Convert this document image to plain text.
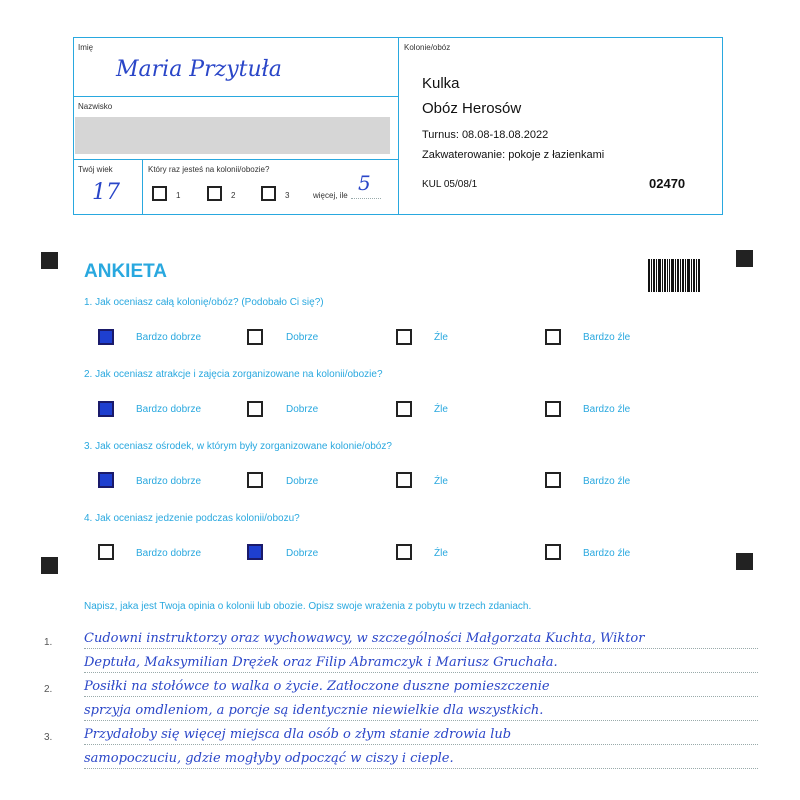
Imię
Maria Przytuła
Nazwisko
Twój wiek
17
Który raz jesteś na kolonii/obozie?
1	2	3	więcej, ile
5
Kolonie/obóz
Kulka
Obóz Herosów
Turnus: 08.08-18.08.2022
Zakwaterowanie: pokoje z łazienkami
KUL 05/08/1	02470
ANKIETA
1. Jak oceniasz całą kolonię/obóz? (Podobało Ci się?)
Bardzo dobrze	Dobrze	Źle	Bardzo źle
2. Jak oceniasz atrakcje i zajęcia zorganizowane na kolonii/obozie?
Bardzo dobrze	Dobrze	Źle	Bardzo źle
3. Jak oceniasz ośrodek, w którym były zorganizowane kolonie/obóz?
Bardzo dobrze	Dobrze	Źle	Bardzo źle
4. Jak oceniasz jedzenie podczas kolonii/obozu?
Bardzo dobrze	Dobrze	Źle	Bardzo źle
Napisz, jaka jest Twoja opinia o kolonii lub obozie. Opisz swoje wrażenia z pobytu w trzech zdaniach.
1.
2.
3.
Cudowni instruktorzy oraz wychowawcy, w szczególności Małgorzata Kuchta, Wiktor
Deptuła, Maksymilian Drężek oraz Filip Abramczyk i Mariusz Gruchała.
Posiłki na stołówce to walka o życie. Zatłoczone duszne pomieszczenie
sprzyja omdleniom, a porcje są identycznie niewielkie dla wszystkich.
Przydałoby się więcej miejsca dla osób o złym stanie zdrowia lub
samopoczuciu, gdzie mogłyby odpocząć w ciszy i cieple.
